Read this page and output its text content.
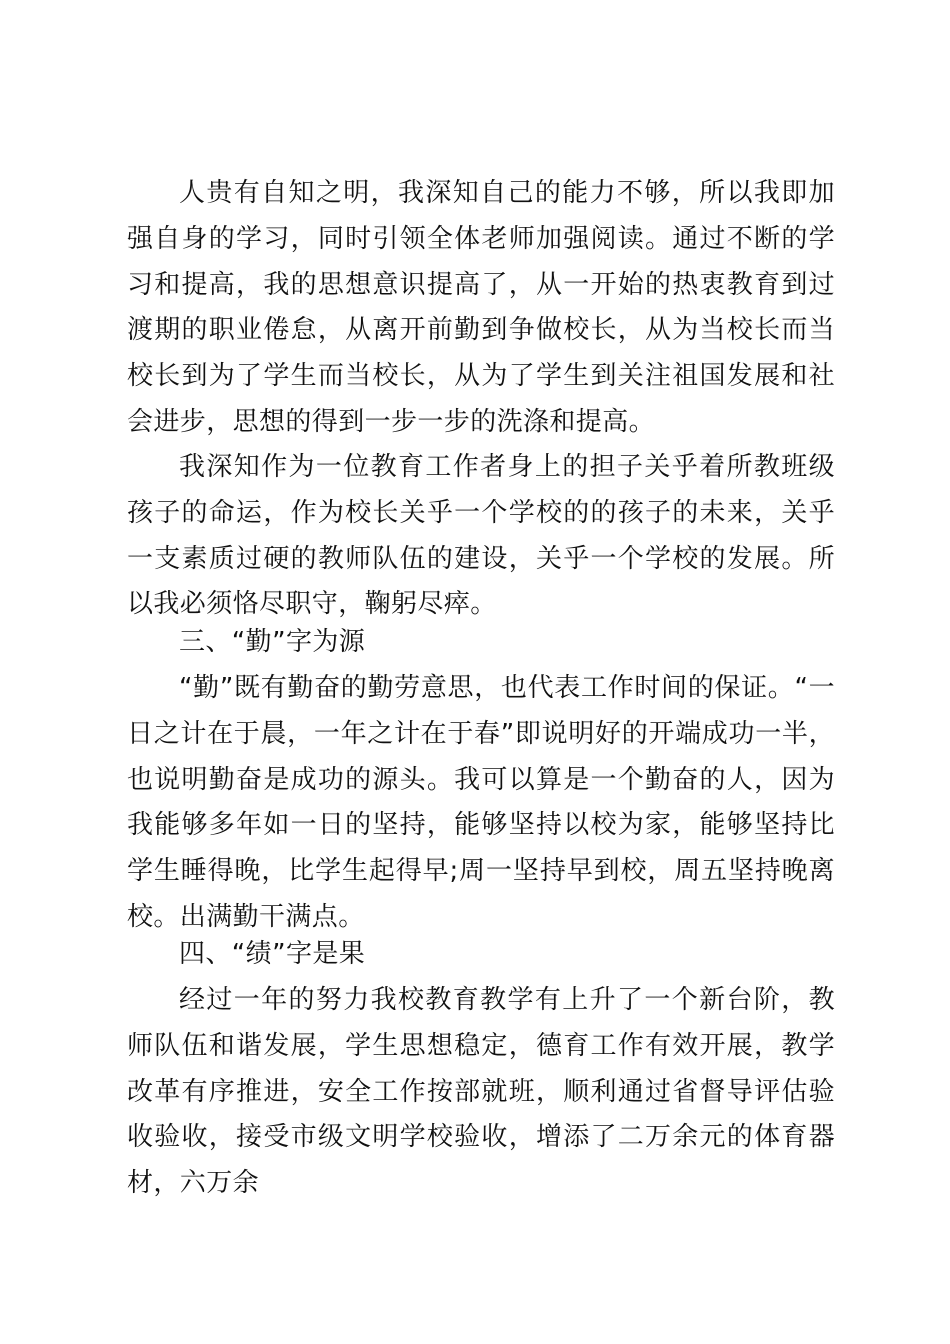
人贵有自知之明，我深知自己的能力不够，所以我即加强自身的学习，同时引领全体老师加强阅读。通过不断的学习和提高，我的思想意识提高了，从一开始的热衷教育到过渡期的职业倦怠，从离开前勤到争做校长，从为当校长而当校长到为了学生而当校长，从为了学生到关注祖国发展和社会进步，思想的得到一步一步的洗涤和提高。

我深知作为一位教育工作者身上的担子关乎着所教班级孩子的命运，作为校长关乎一个学校的的孩子的未来，关乎一支素质过硬的教师队伍的建设，关乎一个学校的发展。所以我必须恪尽职守，鞠躬尽瘁。

三、“勤”字为源

“勤”既有勤奋的勤劳意思，也代表工作时间的保证。“一日之计在于晨，一年之计在于春”即说明好的开端成功一半，也说明勤奋是成功的源头。我可以算是一个勤奋的人，因为我能够多年如一日的坚持，能够坚持以校为家，能够坚持比学生睡得晚，比学生起得早;周一坚持早到校，周五坚持晚离校。出满勤干满点。

四、“绩”字是果

经过一年的努力我校教育教学有上升了一个新台阶，教师队伍和谐发展，学生思想稳定，德育工作有效开展，教学改革有序推进，安全工作按部就班，顺利通过省督导评估验收验收，接受市级文明学校验收，增添了二万余元的体育器材，六万余
